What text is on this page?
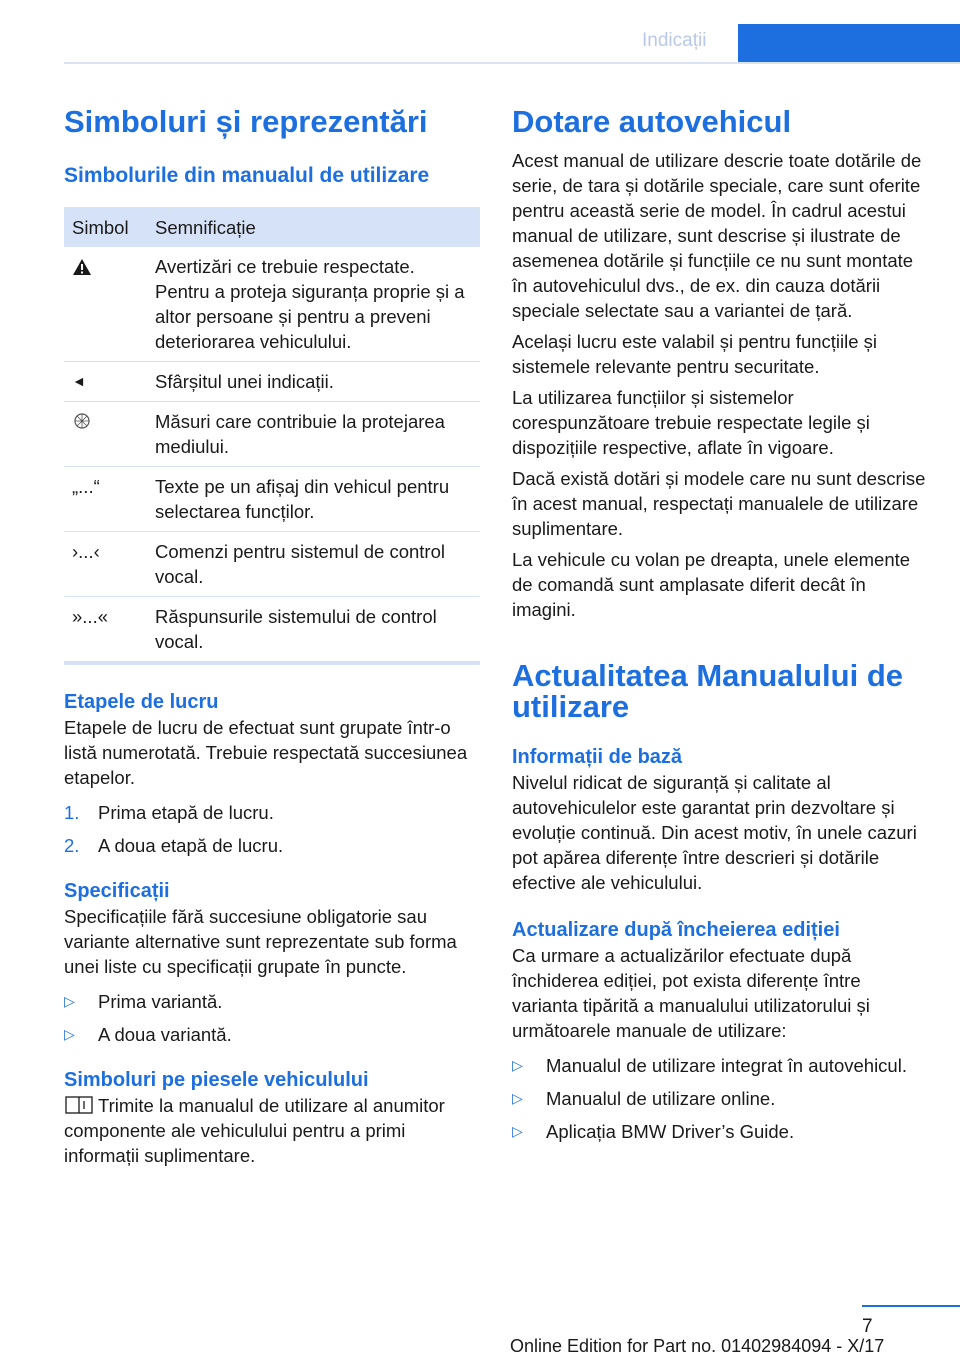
Indicații
Simboluri și reprezentări
Simbolurile din manualul de utilizare
Simbol	Semnificație
	Avertizări ce trebuie respectate. Pentru a proteja siguranța proprie și a altor persoane și pentru a preveni deteriorarea vehiculului.
◄	Sfârșitul unei indicații.
	Măsuri care contribuie la protejarea mediului.
„...“	Texte pe un afișaj din vehicul pentru selectarea funcților.
›...‹	Comenzi pentru sistemul de control vocal.
»...«	Răspunsurile sistemului de control vocal.
Etapele de lucru

Etapele de lucru de efectuat sunt grupate într-o listă numerotată. Trebuie respectată succesiunea etapelor.

1.	Prima etapă de lucru.
2.	A doua etapă de lucru.
Specificații

Specificațiile fără succesiune obligatorie sau variante alternative sunt reprezentate sub forma unei liste cu specificații grupate în puncte.

▷	Prima variantă.
▷	A doua variantă.
Simboluri pe piesele vehiculului

Trimite la manualul de utilizare al anumitor componente ale vehiculului pentru a primi informații suplimentare.

Dotare autovehicul

Acest manual de utilizare descrie toate dotările de serie, de tara și dotările speciale, care sunt oferite pentru această serie de model. În cadrul acestui manual de utilizare, sunt descrise și ilustrate de asemenea dotările și funcțiile ce nu sunt montate în autovehiculul dvs., de ex. din cauza dotării speciale selectate sau a variantei de țară.

Același lucru este valabil și pentru funcțiile și sistemele relevante pentru securitate.

La utilizarea funcțiilor și sistemelor corespunzătoare trebuie respectate legile și dispozițiile respective, aflate în vigoare.

Dacă există dotări și modele care nu sunt descrise în acest manual, respectați manualele de utilizare suplimentare.

La vehicule cu volan pe dreapta, unele elemente de comandă sunt amplasate diferit decât în imagini.

Actualitatea Manualului de utilizare
Informații de bază

Nivelul ridicat de siguranță și calitate al autovehiculelor este garantat prin dezvoltare și evoluție continuă. Din acest motiv, în unele cazuri pot apărea diferențe între descrieri și dotările efective ale vehiculului.

Actualizare după încheierea ediției

Ca urmare a actualizărilor efectuate după închiderea ediției, pot exista diferențe între varianta tipărită a manualului utilizatorului și următoarele manuale de utilizare:

▷	Manualul de utilizare integrat în autovehicul.
▷	Manualul de utilizare online.
▷	Aplicația BMW Driver’s Guide.
7
Online Edition for Part no. 01402984094 - X/17
